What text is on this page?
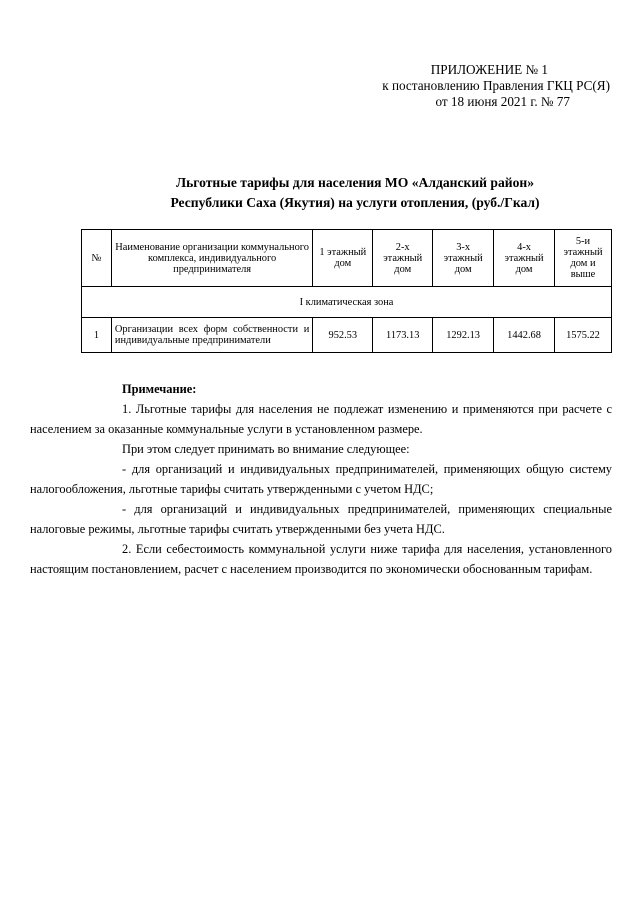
ПРИЛОЖЕНИЕ № 1
к постановлению Правления ГКЦ РС(Я)
от 18 июня 2021 г. № 77
Льготные тарифы для населения МО «Алданский район»
Республики Саха (Якутия) на услуги отопления, (руб./Гкал)
№	Наименование организации коммунального комплекса, индивидуального предпринимателя	1 этажный дом	2-х этажный дом	3-х этажный дом	4-х этажный дом	5-и этажный дом и выше
I климатическая зона						
1	Организации всех форм собственности и индивидуальные предприниматели	952.53	1173.13	1292.13	1442.68	1575.22

Примечание:

1. Льготные тарифы для населения не подлежат изменению и применяются при расчете с населением за оказанные коммунальные услуги в установленном размере.

При этом следует принимать во внимание следующее:

- для организаций и индивидуальных предпринимателей, применяющих общую систему налогообложения, льготные тарифы считать утвержденными с учетом НДС;

- для организаций и индивидуальных предпринимателей, применяющих специальные налоговые режимы, льготные тарифы считать утвержденными без учета НДС.

2. Если себестоимость коммунальной услуги ниже тарифа для населения, установленного настоящим постановлением, расчет с населением производится по экономически обоснованным тарифам.
